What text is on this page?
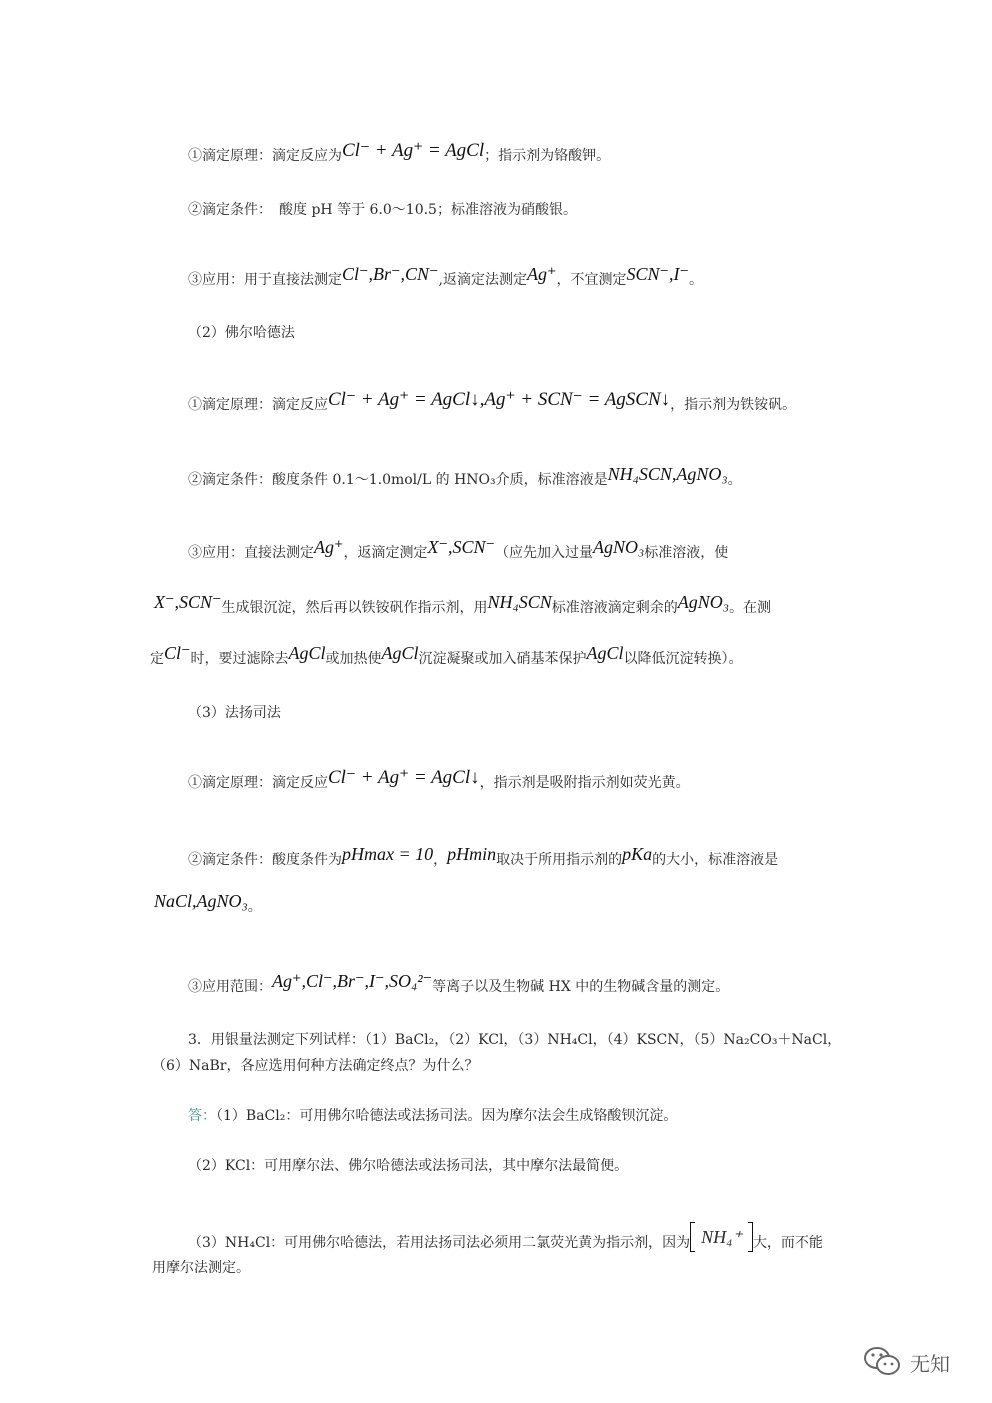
①滴定原理：滴定反应为Cl⁻ + Ag⁺ = AgCl；指示剂为铬酸钾。
②滴定条件：　酸度 pH 等于 6.0～10.5；标准溶液为硝酸银。
③应用：用于直接法测定Cl⁻,Br⁻,CN⁻,返滴定法测定Ag⁺，不宜测定SCN⁻,I⁻。
（2）佛尔哈德法
①滴定原理：滴定反应Cl⁻ + Ag⁺ = AgCl↓,Ag⁺ + SCN⁻ = AgSCN↓，指示剂为铁铵矾。
②滴定条件：酸度条件 0.1～1.0mol/L 的 HNO₃介质，标准溶液是NH₄SCN,AgNO₃。
③应用：直接法测定Ag⁺，返滴定测定X⁻,SCN⁻（应先加入过量AgNO₃标准溶液，使
X⁻,SCN⁻生成银沉淀，然后再以铁铵矾作指示剂，用NH₄SCN标准溶液滴定剩余的AgNO₃。在测
定Cl⁻时，要过滤除去AgCl或加热使AgCl沉淀凝聚或加入硝基苯保护AgCl以降低沉淀转换）。
（3）法扬司法
①滴定原理：滴定反应Cl⁻ + Ag⁺ = AgCl↓，指示剂是吸附指示剂如荧光黄。
②滴定条件：酸度条件为pHmax = 10，pHmin取决于所用指示剂的pKa的大小，标准溶液是
NaCl,AgNO₃。
③应用范围：Ag⁺,Cl⁻,Br⁻,I⁻,SO₄²⁻等离子以及生物碱 HX 中的生物碱含量的测定。
3．用银量法测定下列试样：（1）BaCl₂，（2）KCl，（3）NH₄Cl，（4）KSCN，（5）Na₂CO₃＋NaCl，
（6）NaBr，各应选用何种方法确定终点？为什么？
答：（1）BaCl₂：可用佛尔哈德法或法扬司法。因为摩尔法会生成铬酸钡沉淀。
（2）KCl：可用摩尔法、佛尔哈德法或法扬司法，其中摩尔法最简便。
（3）NH₄Cl：可用佛尔哈德法，若用法扬司法必须用二氯荧光黄为指示剂，因为 NH₄⁺ 大，而不能
用摩尔法测定。
无知
